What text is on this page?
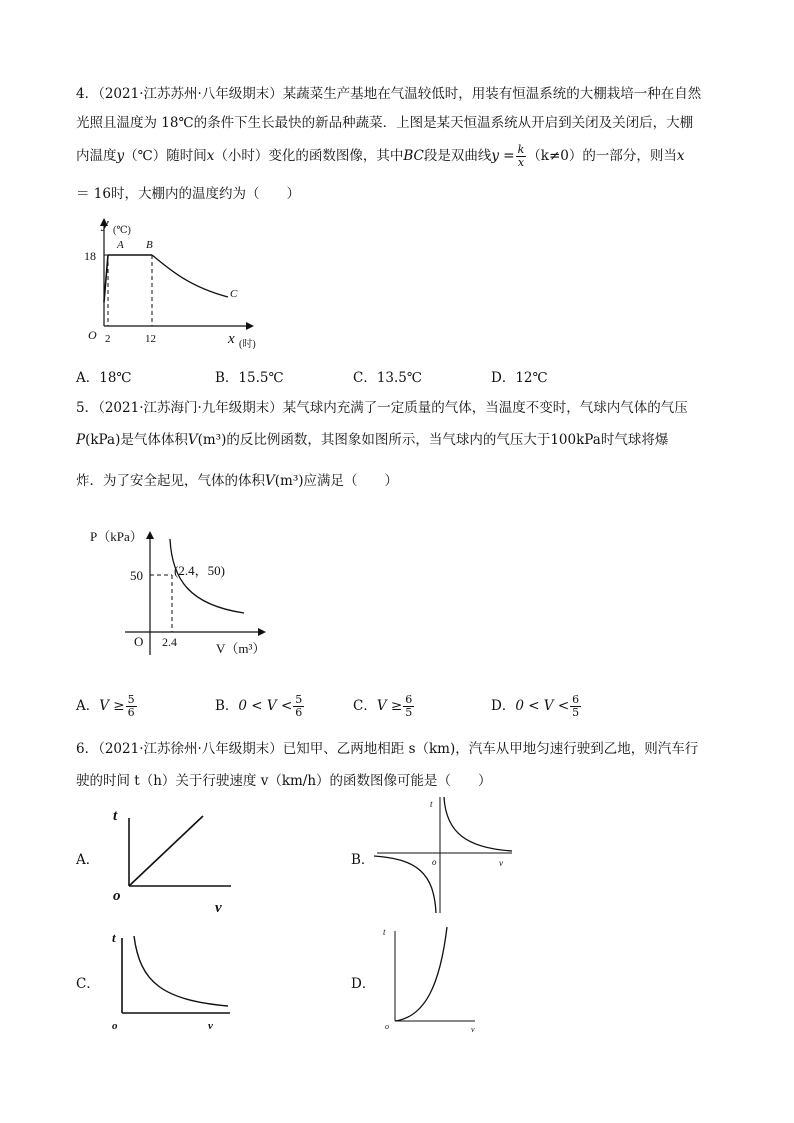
4．（2021·江苏苏州·八年级期末）某蔬菜生产基地在气温较低时，用装有恒温系统的大棚栽培一种在自然
光照且温度为 18℃的条件下生长最快的新品种蔬菜．上图是某天恒温系统从开启到关闭及关闭后，大棚
内温度y（℃）随时间x（小时）变化的函数图像，其中BC段是双曲线$y = \frac{k}{x} (k\ne 0)$的一部分，则当x
＝ 16时，大棚内的温度约为（　　）
y (℃)
x (时)
O
18
2	12
A B
C
A．18℃	B．15.5℃	C．13.5℃	D．12℃
5．（2021·江苏海门·九年级期末）某气球内充满了一定质量的气体，当温度不变时，气球内气体的气压
P(kPa)是气体体积V(m³)的反比例函数，其图象如图所示，当气球内的气压大于100kPa时气球将爆
炸．为了安全起见，气体的体积V(m³)应满足（　　）
P（kPa）
V（m³）
O
50
2.4
(2.4，50)
A．$V \ge \frac{5}{6}$	B．$0 < V < \frac{5}{6}$	C．$V \ge \frac{6}{5}$	D．$0 < V < \frac{6}{5}$
6．（2021·江苏徐州·八年级期末）已知甲、乙两地相距 s（km)，汽车从甲地匀速行驶到乙地，则汽车行
驶的时间 t（h）关于行驶速度 v（km/h）的函数图像可能是（　　）
A．	B．
C．	D．
t
v
o
t
v
o
t
v
o
t
v
o
